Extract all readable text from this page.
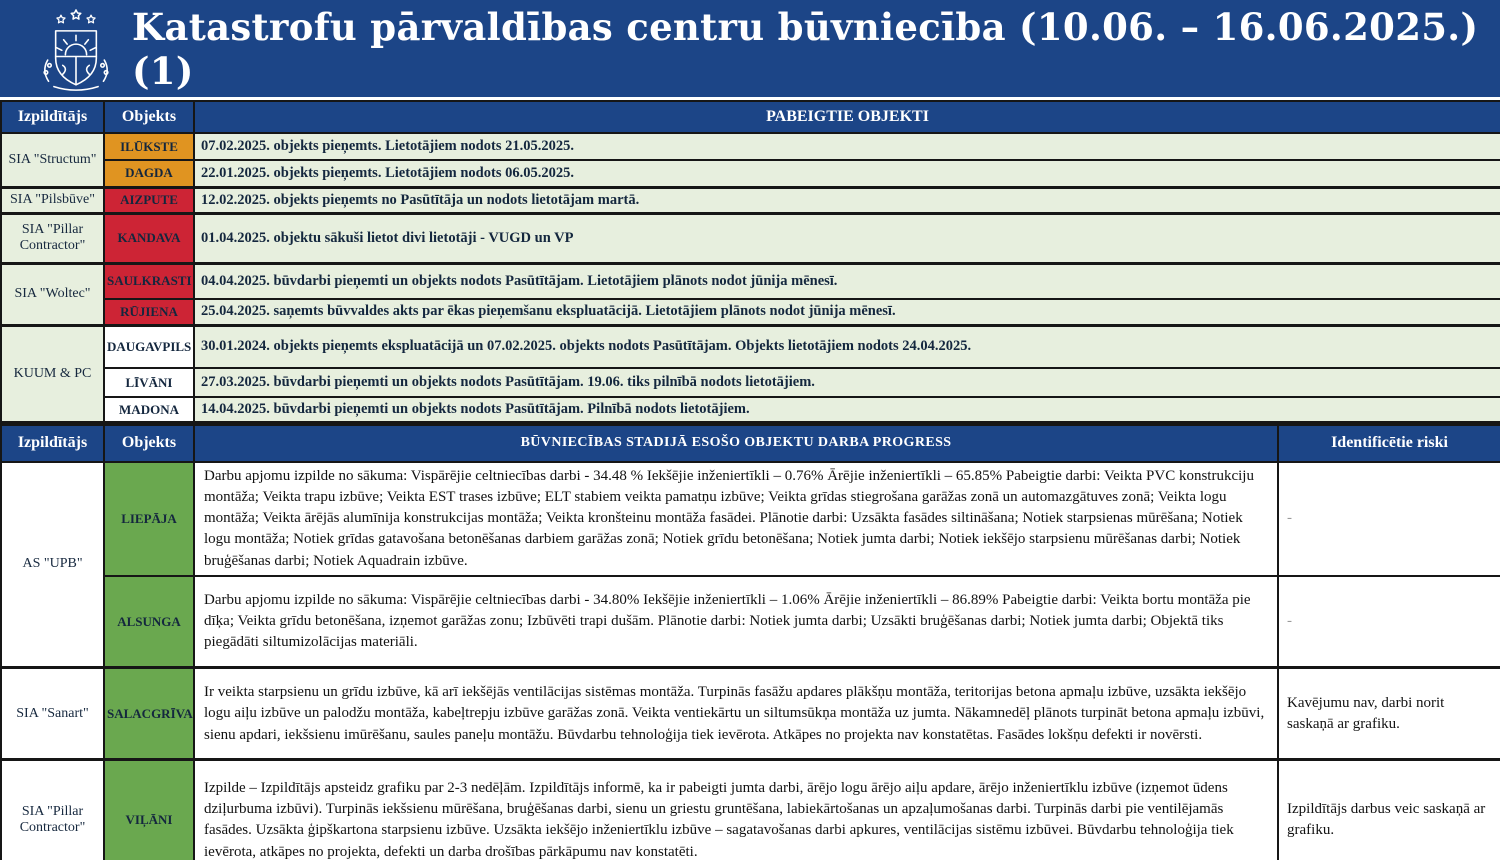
Katastrofu pārvaldības centru būvniecība (10.06. – 16.06.2025.) (1)
Izpildītājs	Objekts	PABEIGTIE OBJEKTI
SIA "Structum"	ILŪKSTE	07.02.2025. objekts pieņemts. Lietotājiem nodots 21.05.2025.
	DAGDA	22.01.2025. objekts pieņemts. Lietotājiem nodots 06.05.2025.
SIA "Pilsbūve"	AIZPUTE	12.02.2025. objekts pieņemts no Pasūtītāja un nodots lietotājam martā.
SIA "Pillar Contractor"	KANDAVA	01.04.2025. objektu sākuši lietot divi lietotāji - VUGD un VP
SIA "Woltec"	SAULKRASTI	04.04.2025. būvdarbi pieņemti un objekts nodots Pasūtītājam. Lietotājiem plānots nodot jūnija mēnesī.
	RŪJIENA	25.04.2025. saņemts būvvaldes akts par ēkas pieņemšanu ekspluatācijā. Lietotājiem plānots nodot jūnija mēnesī.
KUUM & PC	DAUGAVPILS	30.01.2024. objekts pieņemts ekspluatācijā un 07.02.2025. objekts nodots Pasūtītājam. Objekts lietotājiem nodots 24.04.2025.
	LĪVĀNI	27.03.2025. būvdarbi pieņemti un objekts nodots Pasūtītājam. 19.06. tiks pilnībā nodots lietotājiem.
	MADONA	14.04.2025. būvdarbi pieņemti un objekts nodots Pasūtītājam. Pilnībā nodots lietotājiem.
Izpildītājs	Objekts	BŪVNIECĪBAS STADIJĀ ESOŠO OBJEKTU DARBA PROGRESS	Identificētie riski
AS "UPB"	LIEPĀJA	Darbu apjomu izpilde no sākuma: Vispārējie celtniecības darbi - 34.48 % Iekšējie inženiertīkli – 0.76% Ārējie inženiertīkli – 65.85% Pabeigtie darbi: Veikta PVC konstrukciju montāža; Veikta trapu izbūve; Veikta EST trases izbūve; ELT stabiem veikta pamatņu izbūve; Veikta grīdas stiegrošana garāžas zonā un automazgātuves zonā; Veikta logu montāža; Veikta ārējās alumīnija konstrukcijas montāža; Veikta kronšteinu montāža fasādei. Plānotie darbi: Uzsākta fasādes siltināšana; Notiek starpsienas mūrēšana; Notiek logu montāža; Notiek grīdas gatavošana betonēšanas darbiem garāžas zonā; Notiek grīdu betonēšana; Notiek jumta darbi; Notiek iekšējo starpsienu mūrēšanas darbi; Notiek bruģēšanas darbi; Notiek Aquadrain izbūve.	-
	ALSUNGA	Darbu apjomu izpilde no sākuma: Vispārējie celtniecības darbi - 34.80% Iekšējie inženiertīkli – 1.06% Ārējie inženiertīkli – 86.89% Pabeigtie darbi: Veikta bortu montāža pie dīķa; Veikta grīdu betonēšana, izņemot garāžas zonu; Izbūvēti trapi dušām. Plānotie darbi: Notiek jumta darbi; Uzsākti bruģēšanas darbi; Notiek jumta darbi; Objektā tiks piegādāti siltumizolācijas materiāli.	-
SIA "Sanart"	SALACGRĪVA	Ir veikta starpsienu un grīdu izbūve, kā arī iekšējās ventilācijas sistēmas montāža. Turpinās fasāžu apdares plākšņu montāža, teritorijas betona apmaļu izbūve, uzsākta iekšējo logu aiļu izbūve un palodžu montāža, kabeļtrepju izbūve garāžas zonā. Veikta ventiekārtu un siltumsūkņa montāža uz jumta. Nākamnedēļ plānots turpināt betona apmaļu izbūvi, sienu apdari, iekšsienu imūrēšanu, saules paneļu montāžu. Būvdarbu tehnoloģija tiek ievērota. Atkāpes no projekta nav konstatētas. Fasādes lokšņu defekti ir novērsti.	Kavējumu nav, darbi norit saskaņā ar grafiku.
SIA "Pillar Contractor"	VIĻĀNI	Izpilde – Izpildītājs apsteidz grafiku par 2-3 nedēļām. Izpildītājs informē, ka ir pabeigti jumta darbi, ārējo logu ārējo aiļu apdare, ārējo inženiertīklu izbūve (izņemot ūdens dziļurbuma izbūvi). Turpinās iekšsienu mūrēšana, bruģēšanas darbi, sienu un griestu gruntēšana, labiekārtošanas un apzaļumošanas darbi. Turpinās darbi pie ventilējamās fasādes. Uzsākta ģipškartona starpsienu izbūve. Uzsākta iekšējo inženiertīklu izbūve – sagatavošanas darbi apkures, ventilācijas sistēmu izbūvei. Būvdarbu tehnoloģija tiek ievērota, atkāpes no projekta, defekti un darba drošības pārkāpumu nav konstatēti.	Izpildītājs darbus veic saskaņā ar grafiku.
